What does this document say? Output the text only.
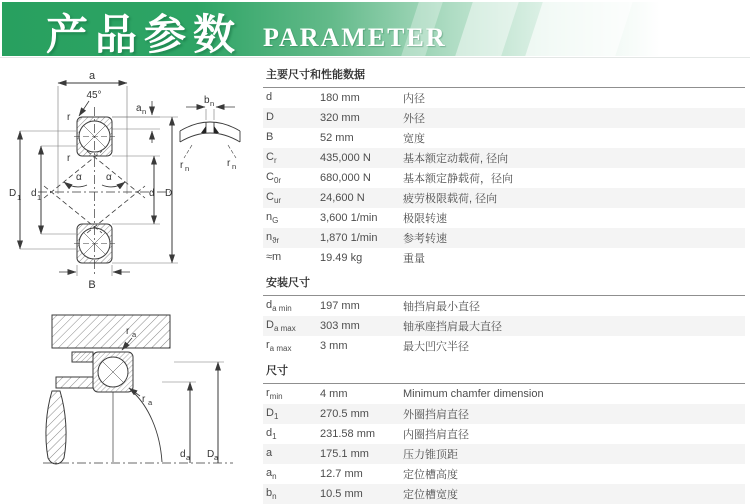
产品参数 PARAMETER
a
45°
a n
r
r
D 1 d 1
α α
d D
B
b n
r n	r n
r a
r a
d a D a
主要尺寸和性能数据
d	180 mm	内径
D	320 mm	外径
B	52 mm	宽度
$C_r$	435,000 N	基本额定动载荷, 径向
$C_{0r}$	680,000 N	基本额定静载荷，径向
$C_{ur}$	24,600 N	疲劳极限载荷, 径向
$n_G$	3,600 1/min	极限转速
$n_{ϑr}$	1,870 1/min	参考转速
≈m	19.49 kg	重量
安装尺寸
$d_{a min}$	197 mm	轴挡肩最小直径
$D_{a max}$	303 mm	轴承座挡肩最大直径
$r_{a max}$	3 mm	最大凹穴半径
尺寸
$r_{min}$	4 mm	Minimum chamfer dimension
$D_1$	270.5 mm	外圈挡肩直径
$d_1$	231.58 mm	内圈挡肩直径
a	175.1 mm	压力锥顶距
$a_n$	12.7 mm	定位槽高度
$b_n$	10.5 mm	定位槽宽度
